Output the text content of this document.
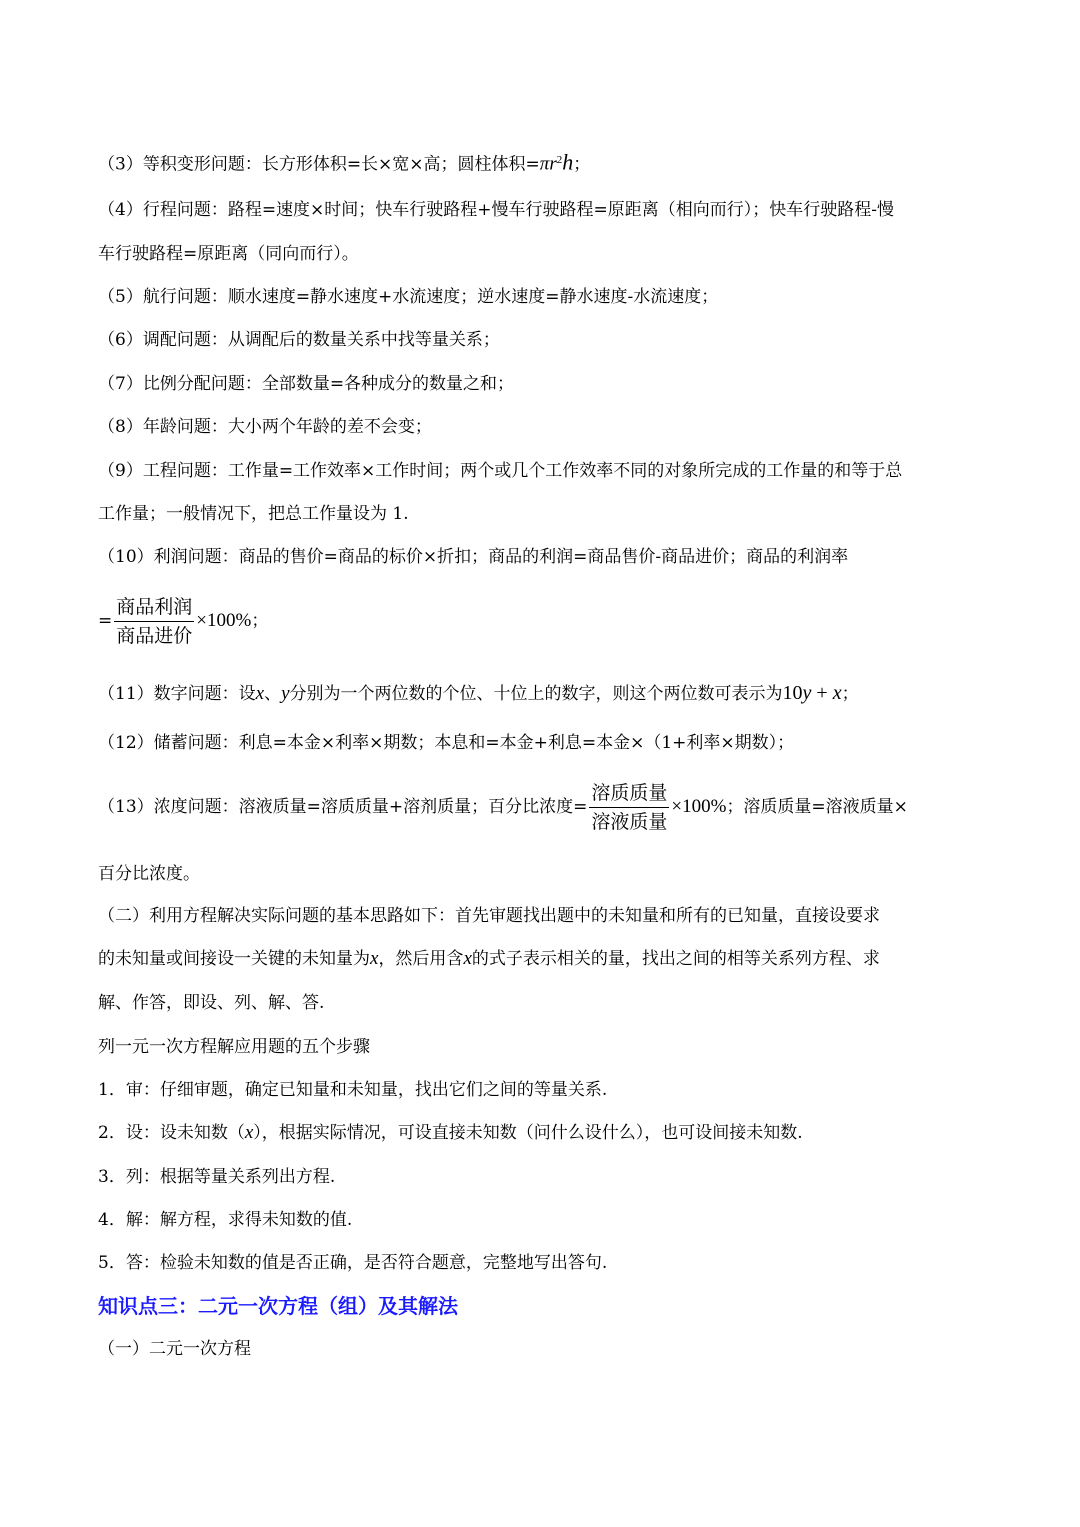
（3）等积变形问题：长方形体积=长×宽×高；圆柱体积$=\pi r^2h$；
（4）行程问题：路程=速度×时间；快车行驶路程+慢车行驶路程=原距离（相向而行）；快车行驶路程-慢
车行驶路程=原距离（同向而行）。
（5）航行问题：顺水速度=静水速度+水流速度；逆水速度=静水速度-水流速度；
（6）调配问题：从调配后的数量关系中找等量关系；
（7）比例分配问题：全部数量=各种成分的数量之和；
（8）年龄问题：大小两个年龄的差不会变；
（9）工程问题：工作量=工作效率×工作时间；两个或几个工作效率不同的对象所完成的工作量的和等于总
工作量；一般情况下，把总工作量设为 1.
（10）利润问题：商品的售价=商品的标价×折扣；商品的利润=商品售价-商品进价；商品的利润率
= $\frac{\text{商品利润}}{\text{商品进价}} \times 100\%$；
（11）数字问题：设x、y分别为一个两位数的个位、十位上的数字，则这个两位数可表示为10y + x；
（12）储蓄问题：利息=本金×利率×期数；本息和=本金+利息=本金×（1+利率×期数）；
（13）浓度问题：溶液质量=溶质质量+溶剂质量；百分比浓度= $\frac{\text{溶质质量}}{\text{溶液质量}} \times 100\%$；溶质质量=溶液质量×
百分比浓度。
（二）利用方程解决实际问题的基本思路如下：首先审题找出题中的未知量和所有的已知量，直接设要求
的未知量或间接设一关键的未知量为x，然后用含x的式子表示相关的量，找出之间的相等关系列方程、求
解、作答，即设、列、解、答.
列一元一次方程解应用题的五个步骤
1．审：仔细审题，确定已知量和未知量，找出它们之间的等量关系.
2．设：设未知数（x），根据实际情况，可设直接未知数（问什么设什么），也可设间接未知数.
3．列：根据等量关系列出方程.
4．解：解方程，求得未知数的值.
5．答：检验未知数的值是否正确，是否符合题意，完整地写出答句.
知识点三：二元一次方程（组）及其解法
（一）二元一次方程
